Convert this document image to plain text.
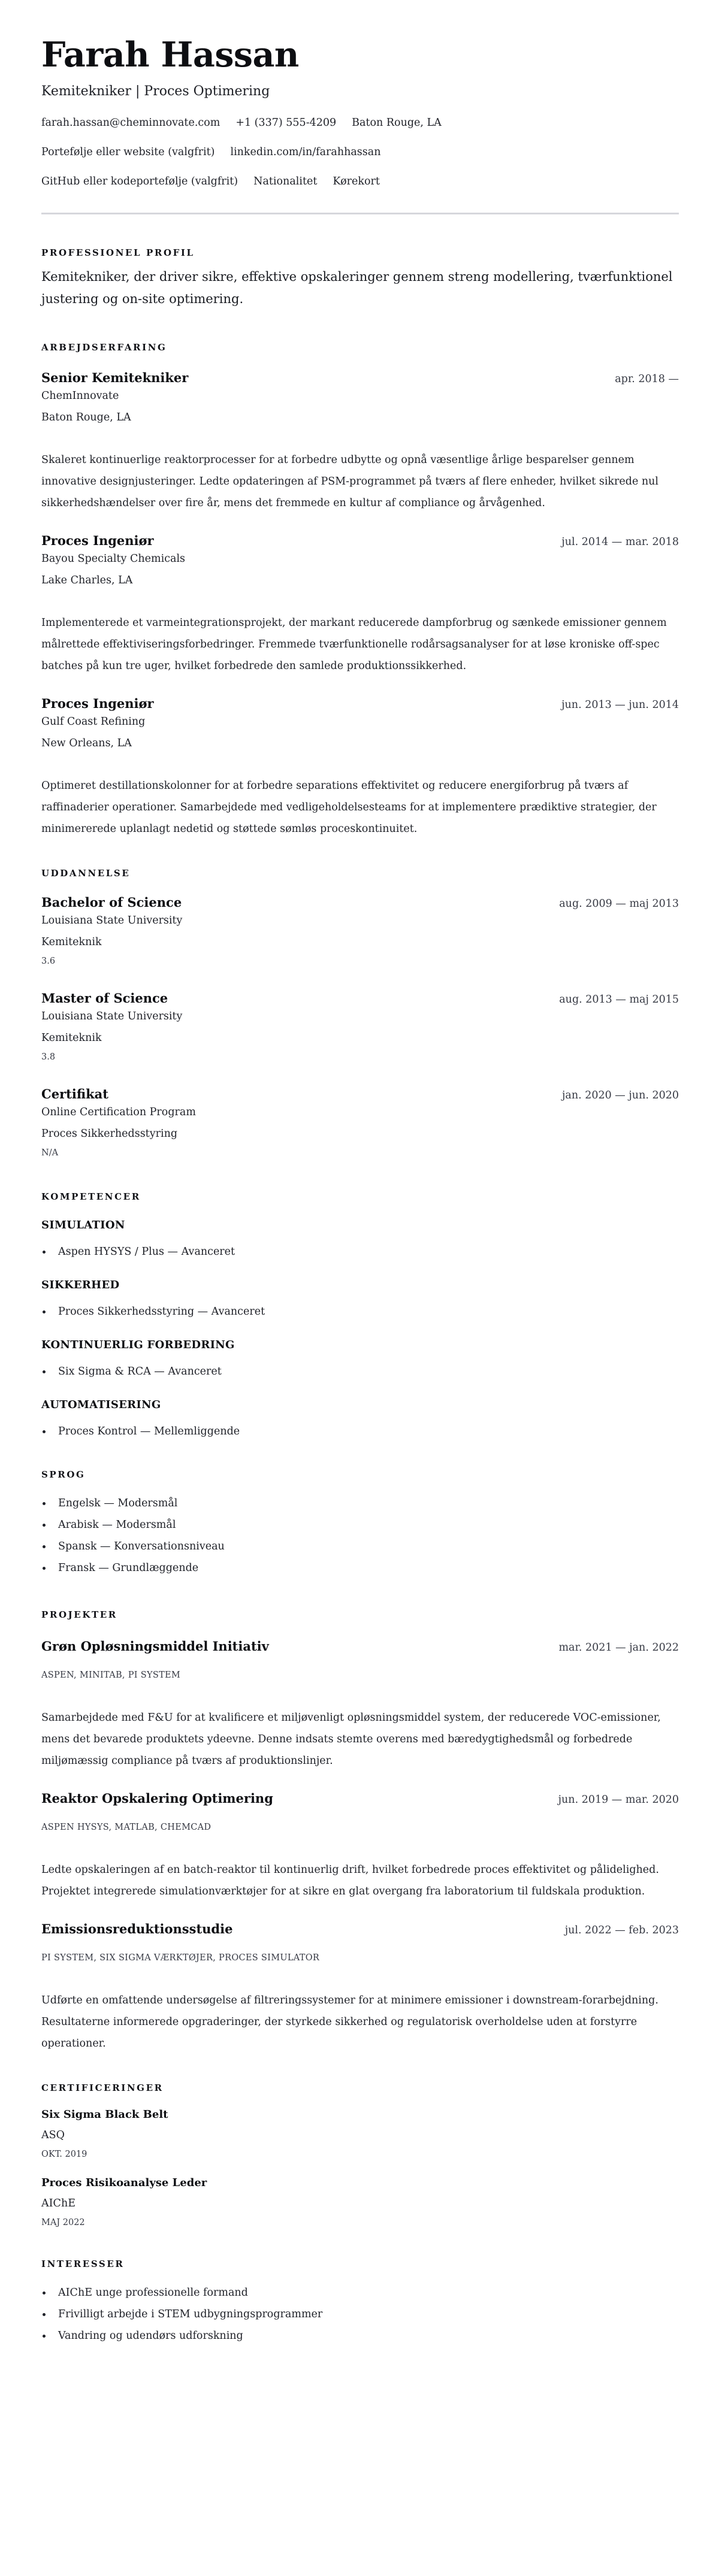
Farah Hassan
Kemitekniker | Proces Optimering
farah.hassan@cheminnovate.com +1 (337) 555-4209 Baton Rouge, LA
Portefølje eller website (valgfrit) linkedin.com/in/farahhassan
GitHub eller kodeportefølje (valgfrit) Nationalitet Kørekort
PROFESSIONEL PROFIL

Kemitekniker, der driver sikre, effektive opskaleringer gennem streng modellering, tværfunktionel justering og on-site optimering.

ARBEJDSERFARING
Senior Kemitekniker	apr. 2018 —
ChemInnovate
Baton Rouge, LA
Skaleret kontinuerlige reaktorprocesser for at forbedre udbytte og opnå væsentlige årlige besparelser gennem innovative designjusteringer. Ledte opdateringen af PSM-programmet på tværs af flere enheder, hvilket sikrede nul sikkerhedshændelser over fire år, mens det fremmede en kultur af compliance og årvågenhed.
Proces Ingeniør	jul. 2014 — mar. 2018
Bayou Specialty Chemicals
Lake Charles, LA
Implementerede et varmeintegrationsprojekt, der markant reducerede dampforbrug og sænkede emissioner gennem målrettede effektiviseringsforbedringer. Fremmede tværfunktionelle rodårsagsanalyser for at løse kroniske off-spec batches på kun tre uger, hvilket forbedrede den samlede produktionssikkerhed.
Proces Ingeniør	jun. 2013 — jun. 2014
Gulf Coast Refining
New Orleans, LA
Optimeret destillationskolonner for at forbedre separations effektivitet og reducere energiforbrug på tværs af raffinaderier operationer. Samarbejdede med vedligeholdelsesteams for at implementere prædiktive strategier, der minimererede uplanlagt nedetid og støttede sømløs proceskontinuitet.
UDDANNELSE
Bachelor of Science	aug. 2009 — maj 2013
Louisiana State University
Kemiteknik
3.6
Master of Science	aug. 2013 — maj 2015
Louisiana State University
Kemiteknik
3.8
Certifikat	jan. 2020 — jun. 2020
Online Certification Program
Proces Sikkerhedsstyring
N/A
KOMPETENCER
SIMULATION
Aspen HYSYS / Plus — Avanceret
SIKKERHED
Proces Sikkerhedsstyring — Avanceret
KONTINUERLIG FORBEDRING
Six Sigma & RCA — Avanceret
AUTOMATISERING
Proces Kontrol — Mellemliggende
SPROG
Engelsk — Modersmål
Arabisk — Modersmål
Spansk — Konversationsniveau
Fransk — Grundlæggende
PROJEKTER
Grøn Opløsningsmiddel Initiativ	mar. 2021 — jan. 2022
ASPEN, MINITAB, PI SYSTEM
Samarbejdede med F&U for at kvalificere et miljøvenligt opløsningsmiddel system, der reducerede VOC-emissioner, mens det bevarede produktets ydeevne. Denne indsats stemte overens med bæredygtighedsmål og forbedrede miljømæssig compliance på tværs af produktionslinjer.
Reaktor Opskalering Optimering	jun. 2019 — mar. 2020
ASPEN HYSYS, MATLAB, CHEMCAD
Ledte opskaleringen af en batch-reaktor til kontinuerlig drift, hvilket forbedrede proces effektivitet og pålidelighed. Projektet integrerede simulationværktøjer for at sikre en glat overgang fra laboratorium til fuldskala produktion.
Emissionsreduktionsstudie	jul. 2022 — feb. 2023
PI SYSTEM, SIX SIGMA VÆRKTØJER, PROCES SIMULATOR
Udførte en omfattende undersøgelse af filtreringssystemer for at minimere emissioner i downstream-forarbejdning. Resultaterne informerede opgraderinger, der styrkede sikkerhed og regulatorisk overholdelse uden at forstyrre operationer.
CERTIFICERINGER
Six Sigma Black Belt
ASQ
OKT. 2019
Proces Risikoanalyse Leder
AIChE
MAJ 2022
INTERESSER
AIChE unge professionelle formand
Frivilligt arbejde i STEM udbygningsprogrammer
Vandring og udendørs udforskning
